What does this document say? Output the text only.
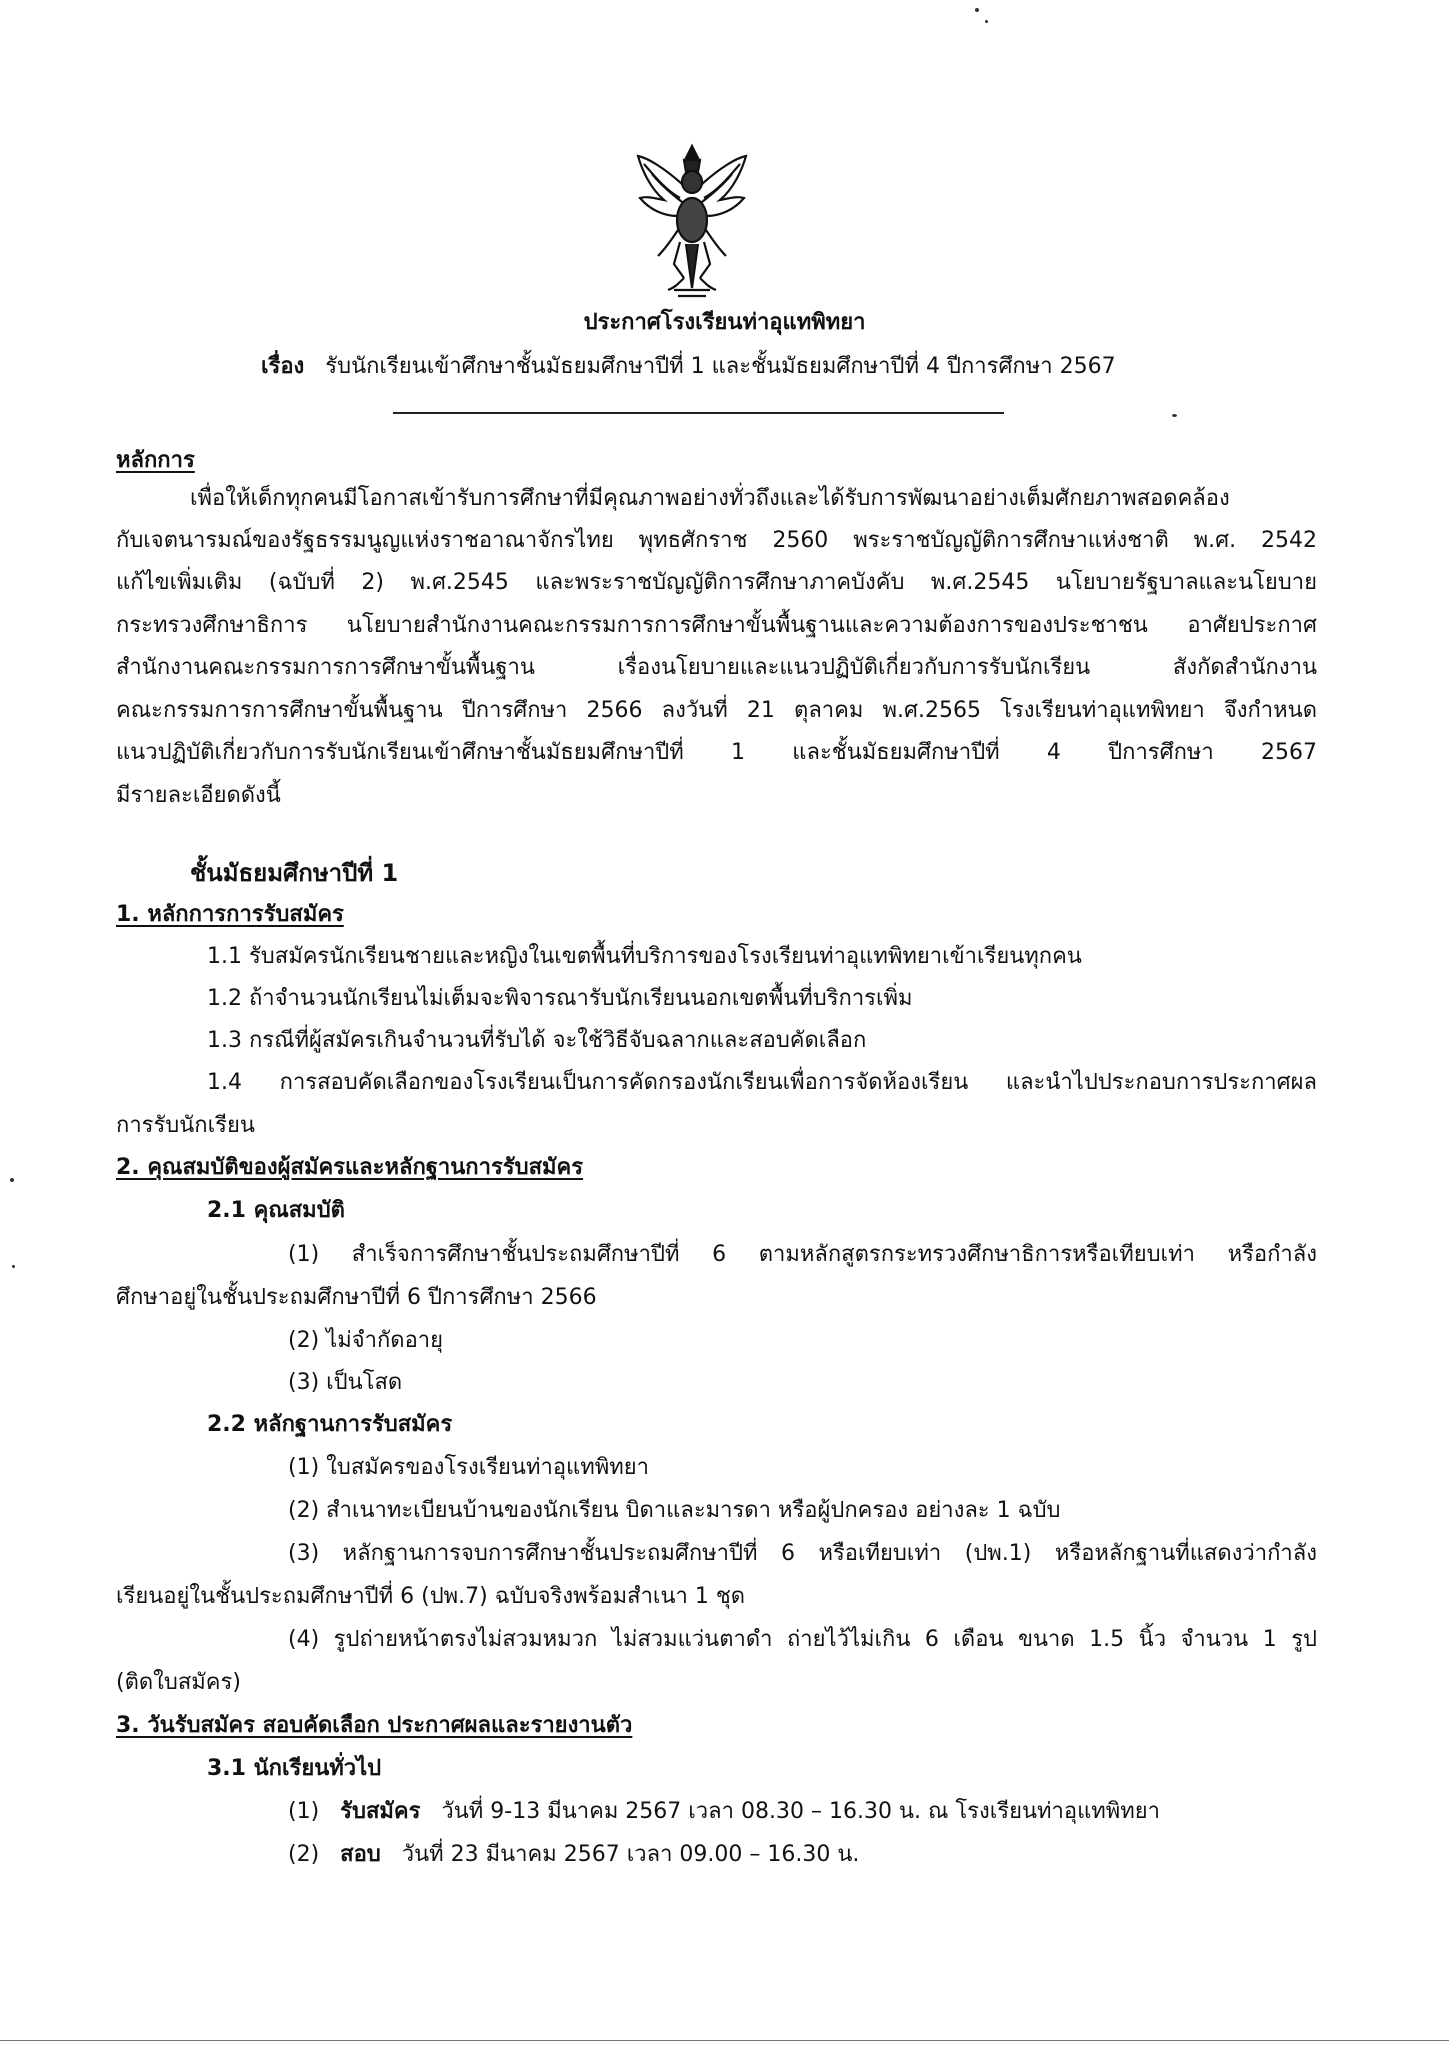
ประกาศโรงเรียนท่าอุแทพิทยา
เรื่อง รับนักเรียนเข้าศึกษาชั้นมัธยมศึกษาปีที่ 1 และชั้นมัธยมศึกษาปีที่ 4 ปีการศึกษา 2567
หลักการ
เพื่อให้เด็กทุกคนมีโอกาสเข้ารับการศึกษาที่มีคุณภาพอย่างทั่วถึงและได้รับการพัฒนาอย่างเต็มศักยภาพสอดคล้อง
กับเจตนารมณ์ของรัฐธรรมนูญแห่งราชอาณาจักรไทย พุทธศักราช 2560 พระราชบัญญัติการศึกษาแห่งชาติ พ.ศ. 2542
แก้ไขเพิ่มเติม (ฉบับที่ 2) พ.ศ.2545 และพระราชบัญญัติการศึกษาภาคบังคับ พ.ศ.2545 นโยบายรัฐบาลและนโยบาย
กระทรวงศึกษาธิการ นโยบายสำนักงานคณะกรรมการการศึกษาขั้นพื้นฐานและความต้องการของประชาชน อาศัยประกาศ
สำนักงานคณะกรรมการการศึกษาขั้นพื้นฐาน เรื่องนโยบายและแนวปฏิบัติเกี่ยวกับการรับนักเรียน สังกัดสำนักงาน
คณะกรรมการการศึกษาขั้นพื้นฐาน ปีการศึกษา 2566 ลงวันที่ 21 ตุลาคม พ.ศ.2565 โรงเรียนท่าอุแทพิทยา จึงกำหนด
แนวปฏิบัติเกี่ยวกับการรับนักเรียนเข้าศึกษาชั้นมัธยมศึกษาปีที่ 1 และชั้นมัธยมศึกษาปีที่ 4 ปีการศึกษา 2567
มีรายละเอียดดังนี้
ชั้นมัธยมศึกษาปีที่ 1
1. หลักการการรับสมัคร
1.1 รับสมัครนักเรียนชายและหญิงในเขตพื้นที่บริการของโรงเรียนท่าอุแทพิทยาเข้าเรียนทุกคน
1.2 ถ้าจำนวนนักเรียนไม่เต็มจะพิจารณารับนักเรียนนอกเขตพื้นที่บริการเพิ่ม
1.3 กรณีที่ผู้สมัครเกินจำนวนที่รับได้ จะใช้วิธีจับฉลากและสอบคัดเลือก
1.4 การสอบคัดเลือกของโรงเรียนเป็นการคัดกรองนักเรียนเพื่อการจัดห้องเรียน และนำไปประกอบการประกาศผล
การรับนักเรียน
2. คุณสมบัติของผู้สมัครและหลักฐานการรับสมัคร
2.1 คุณสมบัติ
(1) สำเร็จการศึกษาชั้นประถมศึกษาปีที่ 6 ตามหลักสูตรกระทรวงศึกษาธิการหรือเทียบเท่า หรือกำลัง
ศึกษาอยู่ในชั้นประถมศึกษาปีที่ 6 ปีการศึกษา 2566
(2) ไม่จำกัดอายุ
(3) เป็นโสด
2.2 หลักฐานการรับสมัคร
(1) ใบสมัครของโรงเรียนท่าอุแทพิทยา
(2) สำเนาทะเบียนบ้านของนักเรียน บิดาและมารดา หรือผู้ปกครอง อย่างละ 1 ฉบับ
(3) หลักฐานการจบการศึกษาชั้นประถมศึกษาปีที่ 6 หรือเทียบเท่า (ปพ.1) หรือหลักฐานที่แสดงว่ากำลัง
เรียนอยู่ในชั้นประถมศึกษาปีที่ 6 (ปพ.7) ฉบับจริงพร้อมสำเนา 1 ชุด
(4) รูปถ่ายหน้าตรงไม่สวมหมวก ไม่สวมแว่นตาดำ ถ่ายไว้ไม่เกิน 6 เดือน ขนาด 1.5 นิ้ว จำนวน 1 รูป
(ติดใบสมัคร)
3. วันรับสมัคร สอบคัดเลือก ประกาศผลและรายงานตัว
3.1 นักเรียนทั่วไป
(1) รับสมัคร วันที่ 9-13 มีนาคม 2567 เวลา 08.30 – 16.30 น. ณ โรงเรียนท่าอุแทพิทยา
(2) สอบ วันที่ 23 มีนาคม 2567 เวลา 09.00 – 16.30 น.
